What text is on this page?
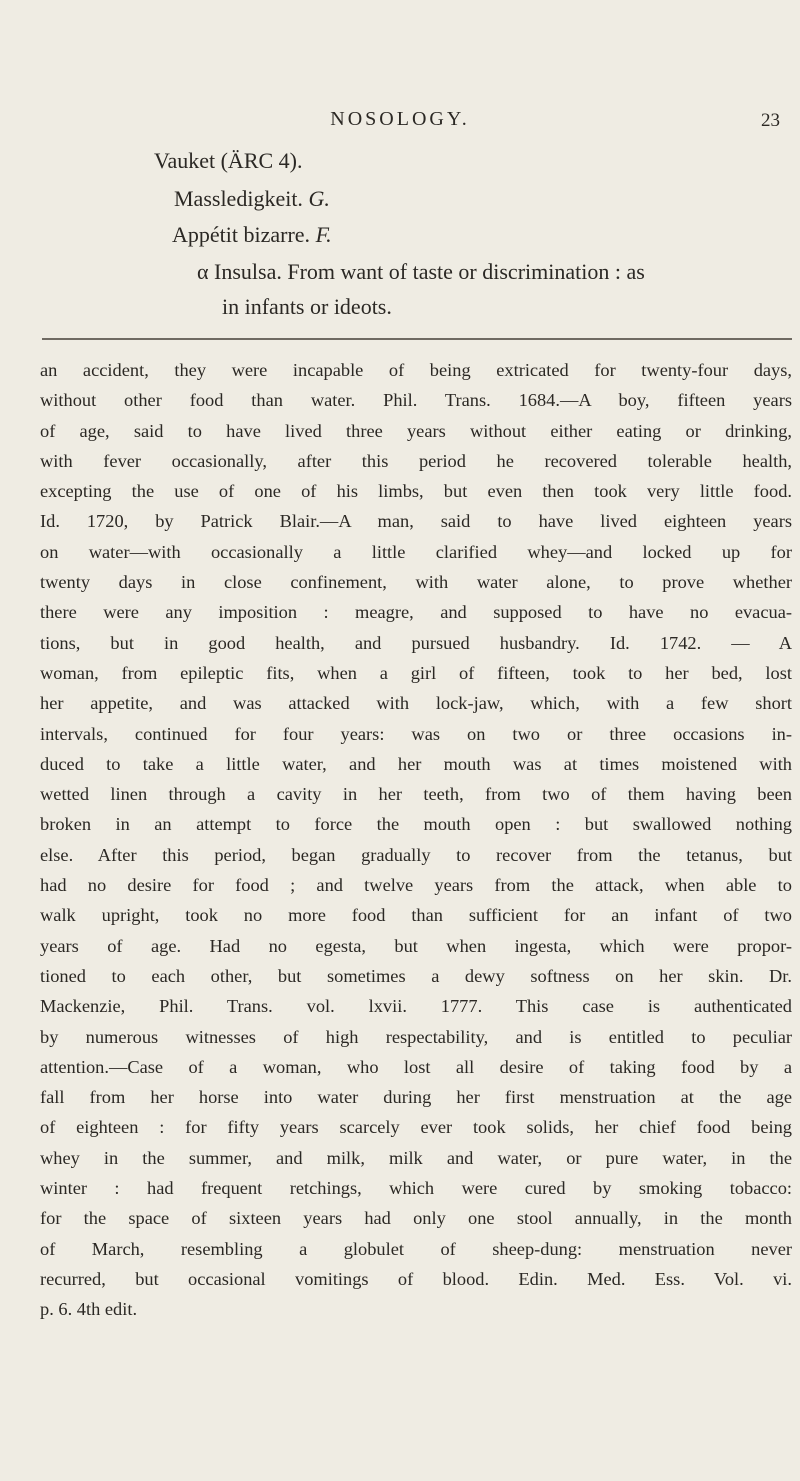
NOSOLOGY.	23
Vauket (ÄRC 4).
Massledigkeit. G.
Appétit bizarre. F.
α Insulsa. From want of taste or discrimination : as
in infants or ideots.
an accident, they were incapable of being extricated for twenty-four days,
without other food than water. Phil. Trans. 1684.—A boy, fifteen years
of age, said to have lived three years without either eating or drinking,
with fever occasionally, after this period he recovered tolerable health,
excepting the use of one of his limbs, but even then took very little food.
Id. 1720, by Patrick Blair.—A man, said to have lived eighteen years
on water—with occasionally a little clarified whey—and locked up for
twenty days in close confinement, with water alone, to prove whether
there were any imposition : meagre, and supposed to have no evacua-
tions, but in good health, and pursued husbandry. Id. 1742. — A
woman, from epileptic fits, when a girl of fifteen, took to her bed, lost
her appetite, and was attacked with lock-jaw, which, with a few short
intervals, continued for four years: was on two or three occasions in-
duced to take a little water, and her mouth was at times moistened with
wetted linen through a cavity in her teeth, from two of them having been
broken in an attempt to force the mouth open : but swallowed nothing
else. After this period, began gradually to recover from the tetanus, but
had no desire for food ; and twelve years from the attack, when able to
walk upright, took no more food than sufficient for an infant of two
years of age. Had no egesta, but when ingesta, which were propor-
tioned to each other, but sometimes a dewy softness on her skin. Dr.
Mackenzie, Phil. Trans. vol. lxvii. 1777. This case is authenticated
by numerous witnesses of high respectability, and is entitled to peculiar
attention.—Case of a woman, who lost all desire of taking food by a
fall from her horse into water during her first menstruation at the age
of eighteen : for fifty years scarcely ever took solids, her chief food being
whey in the summer, and milk, milk and water, or pure water, in the
winter : had frequent retchings, which were cured by smoking tobacco:
for the space of sixteen years had only one stool annually, in the month
of March, resembling a globulet of sheep-dung: menstruation never
recurred, but occasional vomitings of blood. Edin. Med. Ess. Vol. vi.
p. 6. 4th edit.
